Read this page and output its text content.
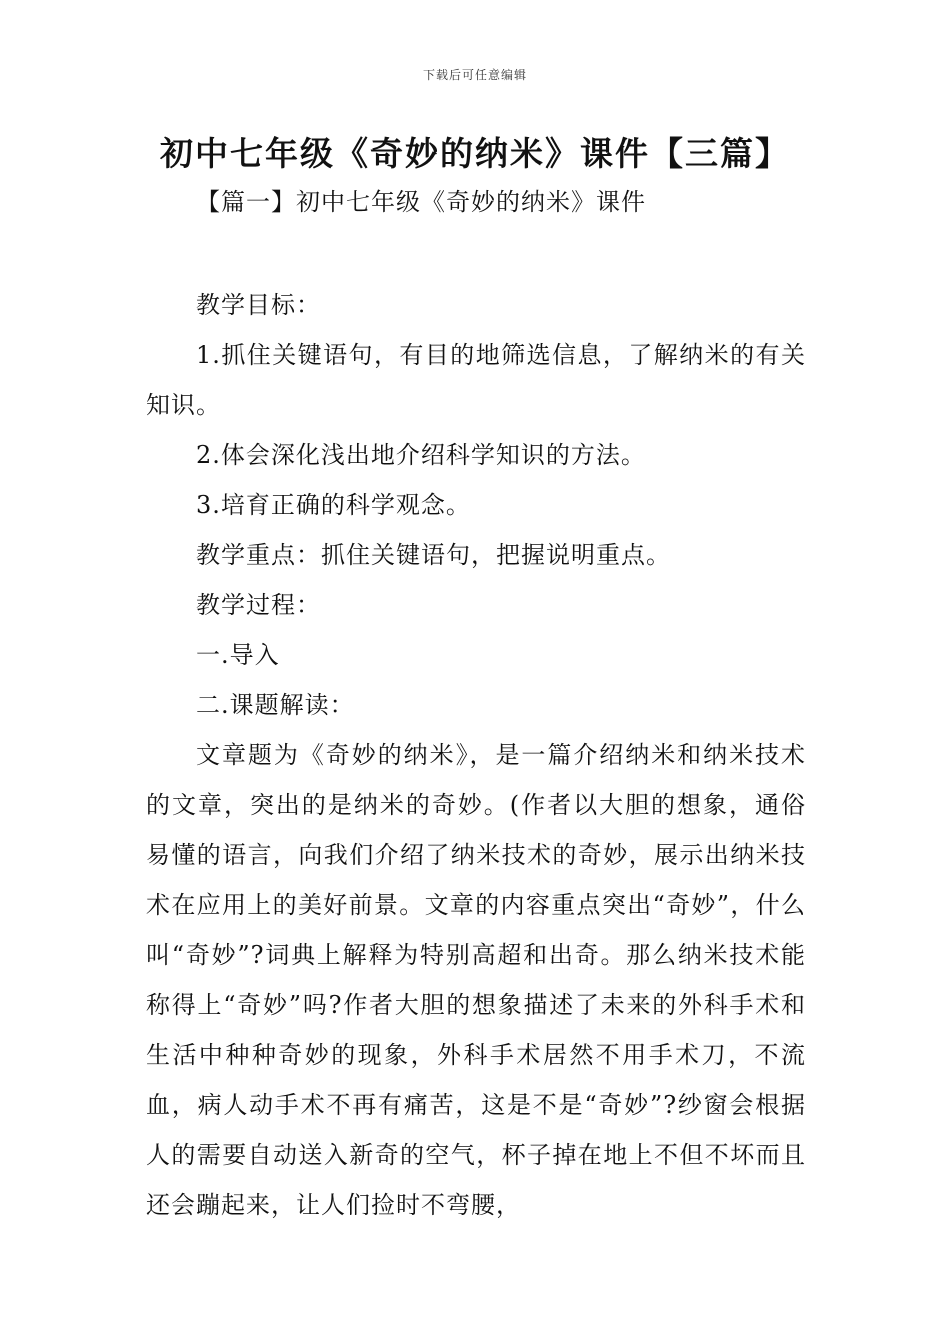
下载后可任意编辑
初中七年级《奇妙的纳米》课件【三篇】
【篇一】初中七年级《奇妙的纳米》课件

教学目标：

1.抓住关键语句，有目的地筛选信息，了解纳米的有关知识。

2.体会深化浅出地介绍科学知识的方法。

3.培育正确的科学观念。

教学重点：抓住关键语句，把握说明重点。

教学过程：

一.导入

二.课题解读：

文章题为《奇妙的纳米》，是一篇介绍纳米和纳米技术的文章，突出的是纳米的奇妙。(作者以大胆的想象，通俗易懂的语言，向我们介绍了纳米技术的奇妙，展示出纳米技术在应用上的美好前景。文章的内容重点突出“奇妙”，什么叫“奇妙”?词典上解释为特别高超和出奇。那么纳米技术能称得上“奇妙”吗?作者大胆的想象描述了未来的外科手术和生活中种种奇妙的现象，外科手术居然不用手术刀，不流血，病人动手术不再有痛苦，这是不是“奇妙”?纱窗会根据人的需要自动送入新奇的空气，杯子掉在地上不但不坏而且还会蹦起来，让人们捡时不弯腰，
